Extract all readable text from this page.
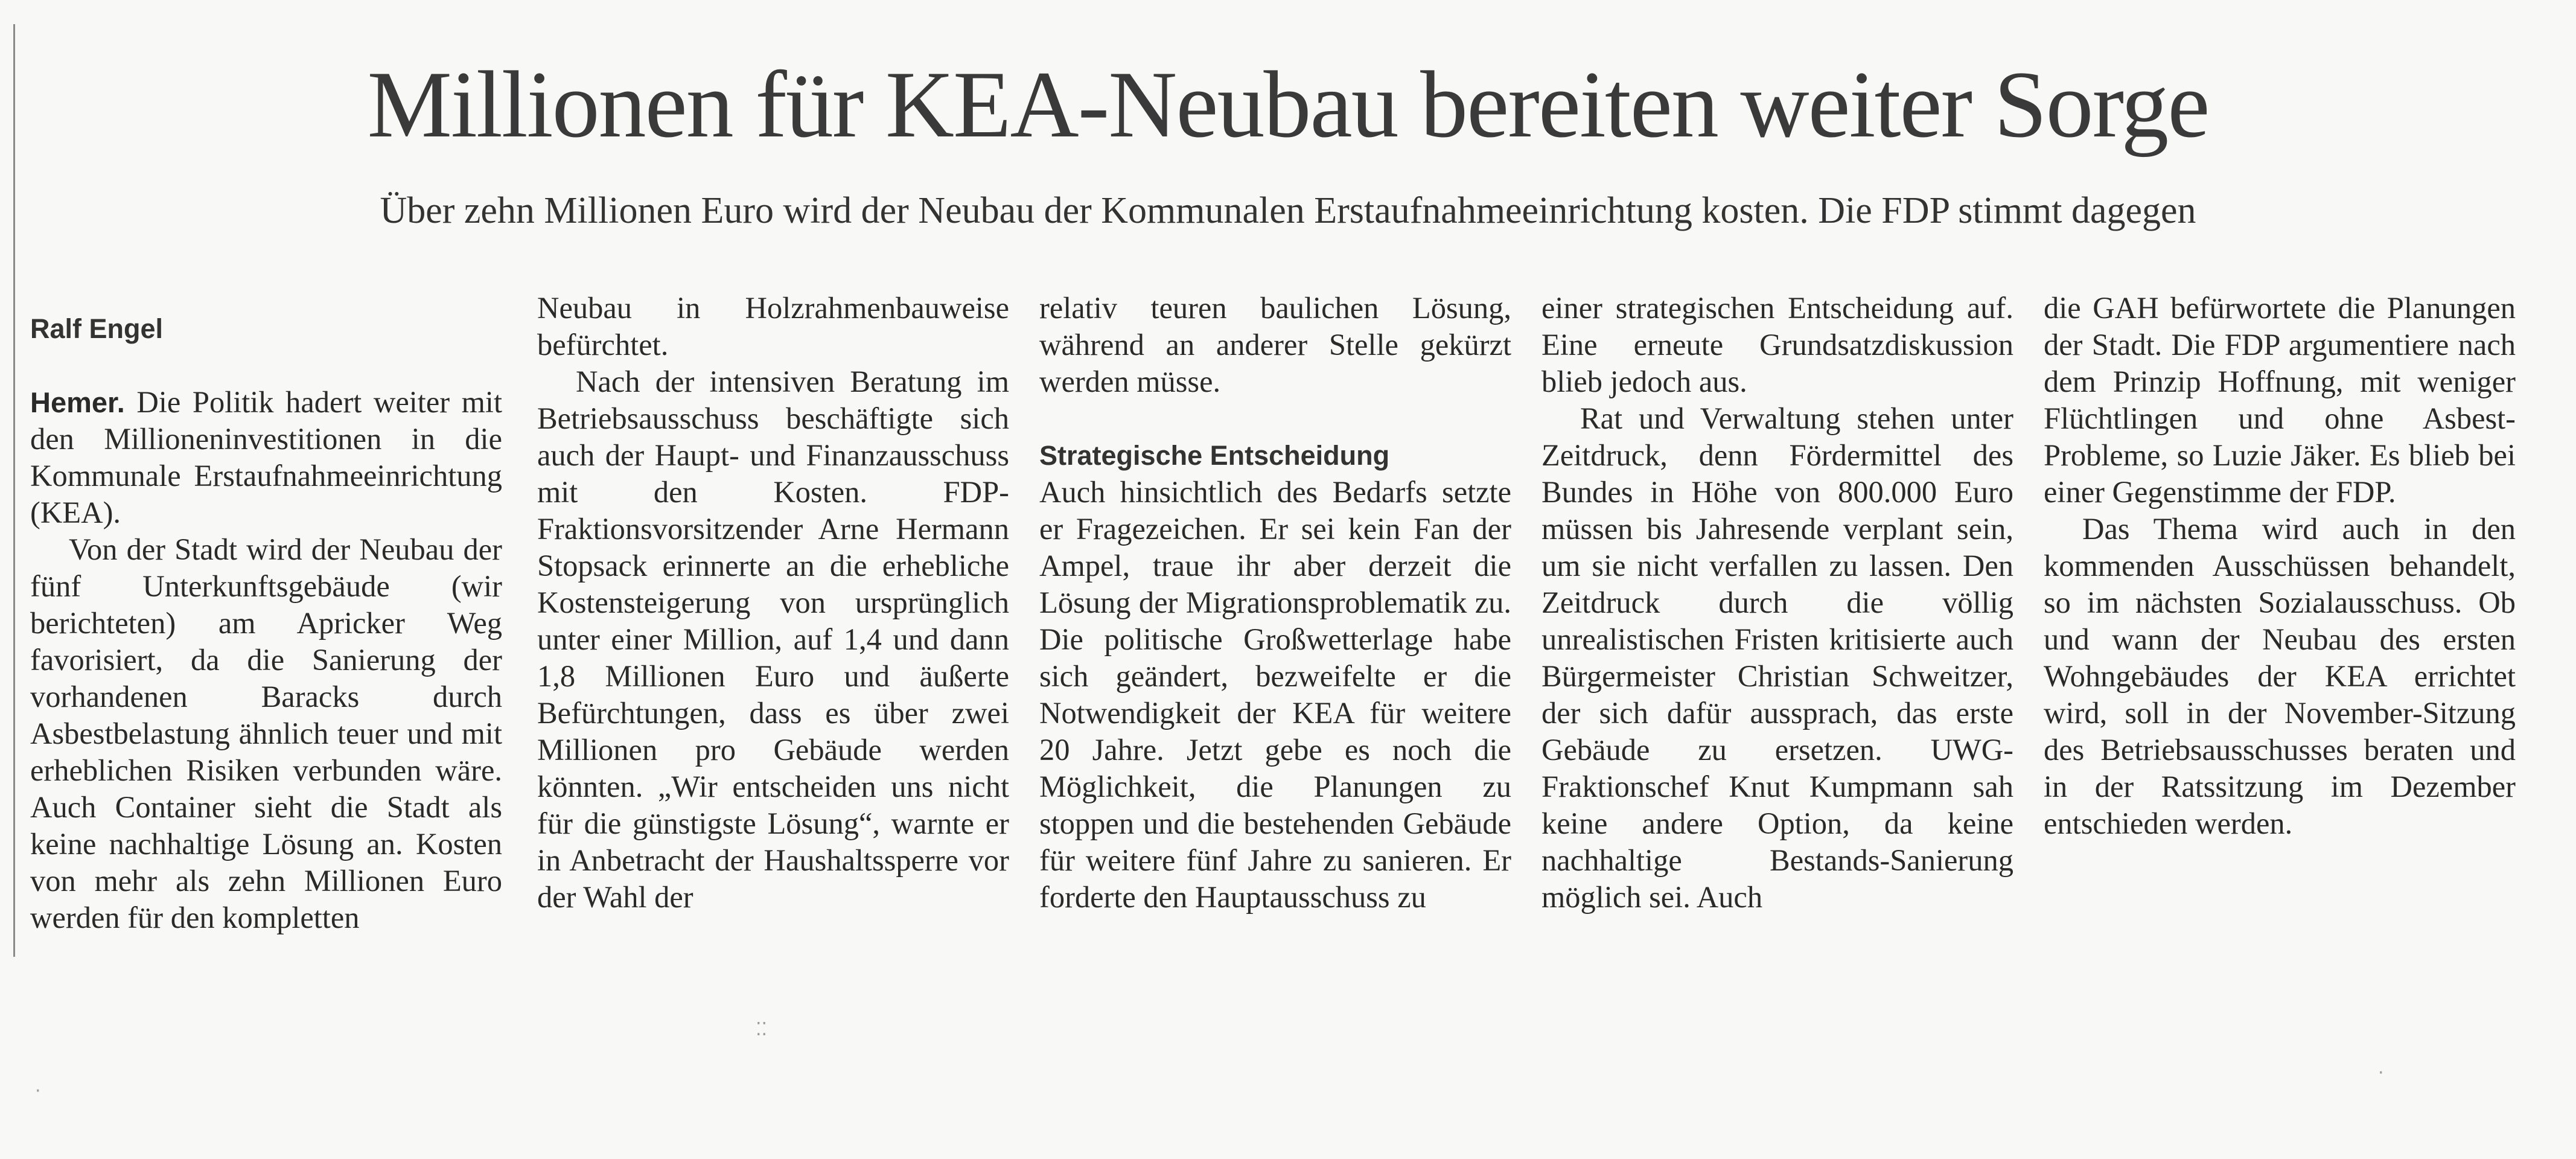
Millionen für KEA-Neubau bereiten weiter Sorge
Über zehn Millionen Euro wird der Neubau der Kommunalen Erstaufnahmeeinrichtung kosten. Die FDP stimmt dagegen
Ralf Engel

Hemer. Die Politik hadert weiter mit den Millioneninvestitionen in die Kommunale Erstaufnahmeeinrichtung (KEA).

Von der Stadt wird der Neubau der fünf Unterkunftsgebäude (wir berichteten) am Apricker Weg favorisiert, da die Sanierung der vorhandenen Baracks durch Asbestbelastung ähnlich teuer und mit erheblichen Risiken verbunden wäre. Auch Container sieht die Stadt als keine nachhaltige Lösung an. Kosten von mehr als zehn Millionen Euro werden für den kompletten

Neubau in Holzrahmenbauweise befürchtet.

Nach der intensiven Beratung im Betriebsausschuss beschäftigte sich auch der Haupt- und Finanzausschuss mit den Kosten. FDP-Fraktionsvorsitzender Arne Hermann Stopsack erinnerte an die erhebliche Kostensteigerung von ursprünglich unter einer Million, auf 1,4 und dann 1,8 Millionen Euro und äußerte Befürchtungen, dass es über zwei Millionen pro Gebäude werden könnten. „Wir entscheiden uns nicht für die günstigste Lösung“, warnte er in Anbetracht der Haushaltssperre vor der Wahl der

relativ teuren baulichen Lösung, während an anderer Stelle gekürzt werden müsse.

Strategische Entscheidung

Auch hinsichtlich des Bedarfs setzte er Fragezeichen. Er sei kein Fan der Ampel, traue ihr aber derzeit die Lösung der Migrationsproblematik zu. Die politische Großwetterlage habe sich geändert, bezweifelte er die Notwendigkeit der KEA für weitere 20 Jahre. Jetzt gebe es noch die Möglichkeit, die Planungen zu stoppen und die bestehenden Gebäude für weitere fünf Jahre zu sanieren. Er forderte den Hauptausschuss zu

einer strategischen Entscheidung auf. Eine erneute Grundsatzdiskussion blieb jedoch aus.

Rat und Verwaltung stehen unter Zeitdruck, denn Fördermittel des Bundes in Höhe von 800.000 Euro müssen bis Jahresende verplant sein, um sie nicht verfallen zu lassen. Den Zeitdruck durch die völlig unrealistischen Fristen kritisierte auch Bürgermeister Christian Schweitzer, der sich dafür aussprach, das erste Gebäude zu ersetzen. UWG-Fraktionschef Knut Kumpmann sah keine andere Option, da keine nachhaltige Bestands-Sanierung möglich sei. Auch

die GAH befürwortete die Planungen der Stadt. Die FDP argumentiere nach dem Prinzip Hoffnung, mit weniger Flüchtlingen und ohne Asbest-Probleme, so Luzie Jäker. Es blieb bei einer Gegenstimme der FDP.

Das Thema wird auch in den kommenden Ausschüssen behandelt, so im nächsten Sozialausschuss. Ob und wann der Neubau des ersten Wohngebäudes der KEA errichtet wird, soll in der November-Sitzung des Betriebsausschusses beraten und in der Ratssitzung im Dezember entschieden werden.

⁚⁚
·
·
